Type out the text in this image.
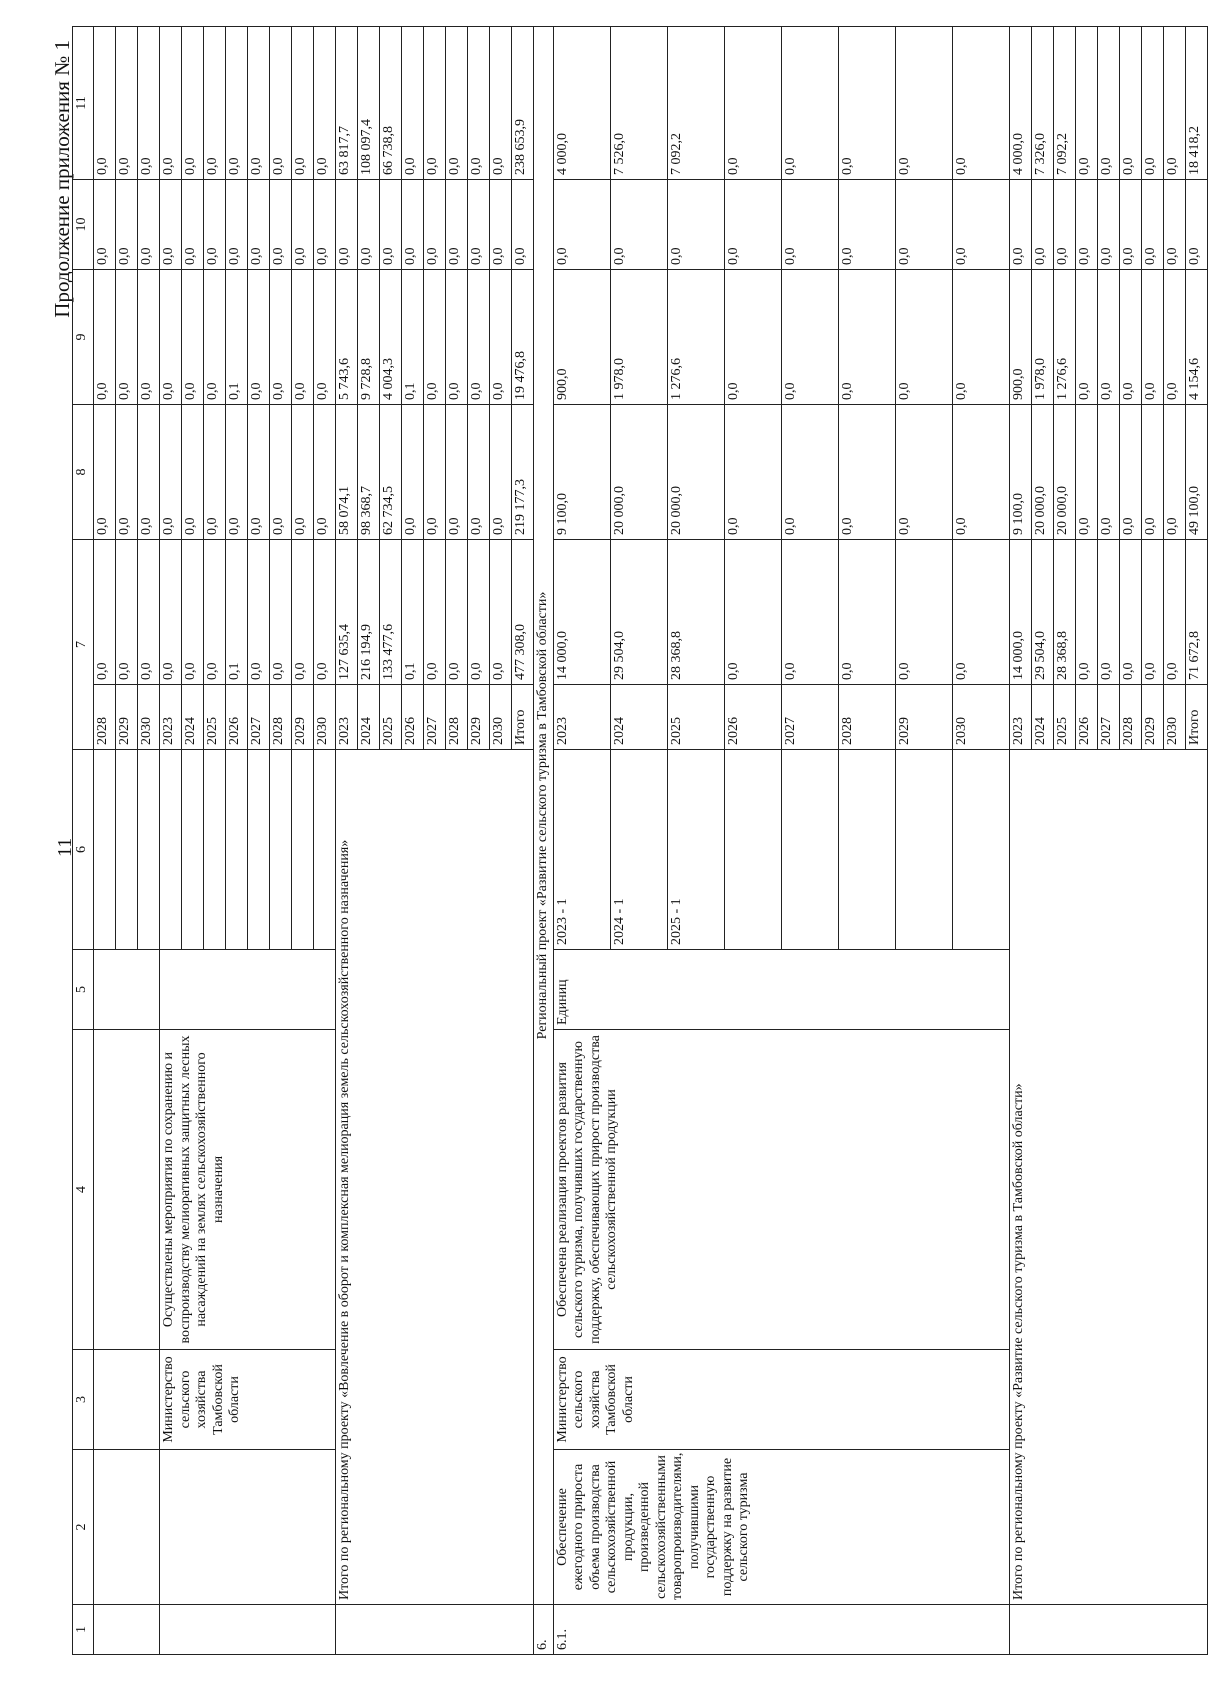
11
Продолжение приложения № 1
1	2	3	4	5	6	7		8	9	10	11
						2028	0,0	0,0	0,0	0,0	0,0
						2029	0,0	0,0	0,0	0,0	0,0
						2030	0,0	0,0	0,0	0,0	0,0
		Министерство сельского хозяйства Тамбовской области	Осуществлены мероприятия по сохранению и воспроизводству мелиоративных защитных лесных насаждений на землях сельскохозяйственного назначения			2023	0,0	0,0	0,0	0,0	0,0
						2024	0,0	0,0	0,0	0,0	0,0
						2025	0,0	0,0	0,0	0,0	0,0
						2026	0,1	0,0	0,1	0,0	0,0
						2027	0,0	0,0	0,0	0,0	0,0
						2028	0,0	0,0	0,0	0,0	0,0
						2029	0,0	0,0	0,0	0,0	0,0
						2030	0,0	0,0	0,0	0,0	0,0
	Итого по региональному проекту «Вовлечение в оборот и комплексная мелиорация земель сельскохозяйственного назначения»					2023	127 635,4	58 074,1	5 743,6	0,0	63 817,7
						2024	216 194,9	98 368,7	9 728,8	0,0	108 097,4
						2025	133 477,6	62 734,5	4 004,3	0,0	66 738,8
						2026	0,1	0,0	0,1	0,0	0,0
						2027	0,0	0,0	0,0	0,0	0,0
						2028	0,0	0,0	0,0	0,0	0,0
						2029	0,0	0,0	0,0	0,0	0,0
						2030	0,0	0,0	0,0	0,0	0,0
						Итого	477 308,0	219 177,3	19 476,8	0,0	238 653,9
6.	Региональный проект «Развитие сельского туризма в Тамбовской области»										
6.1.	Обеспечение ежегодного прироста объема производства сельскохозяйственной продукции, произведенной сельскохозяйственными товаропроизводителями, получившими государственную поддержку на развитие сельского туризма	Министерство сельского хозяйства Тамбовской области	Обеспечена реализация проектов развития сельского туризма, получивших государственную поддержку, обеспечивающих прирост производства сельскохозяйственной продукции	Единиц	2023 - 1	2023	14 000,0	9 100,0	900,0	0,0	4 000,0
					2024 - 1	2024	29 504,0	20 000,0	1 978,0	0,0	7 526,0
					2025 - 1	2025	28 368,8	20 000,0	1 276,6	0,0	7 092,2
						2026	0,0	0,0	0,0	0,0	0,0
						2027	0,0	0,0	0,0	0,0	0,0
						2028	0,0	0,0	0,0	0,0	0,0
						2029	0,0	0,0	0,0	0,0	0,0
						2030	0,0	0,0	0,0	0,0	0,0
	Итого по региональному проекту «Развитие сельского туризма в Тамбовской области»					2023	14 000,0	9 100,0	900,0	0,0	4 000,0
						2024	29 504,0	20 000,0	1 978,0	0,0	7 326,0
						2025	28 368,8	20 000,0	1 276,6	0,0	7 092,2
						2026	0,0	0,0	0,0	0,0	0,0
						2027	0,0	0,0	0,0	0,0	0,0
						2028	0,0	0,0	0,0	0,0	0,0
						2029	0,0	0,0	0,0	0,0	0,0
						2030	0,0	0,0	0,0	0,0	0,0
						Итого	71 672,8	49 100,0	4 154,6	0,0	18 418,2
